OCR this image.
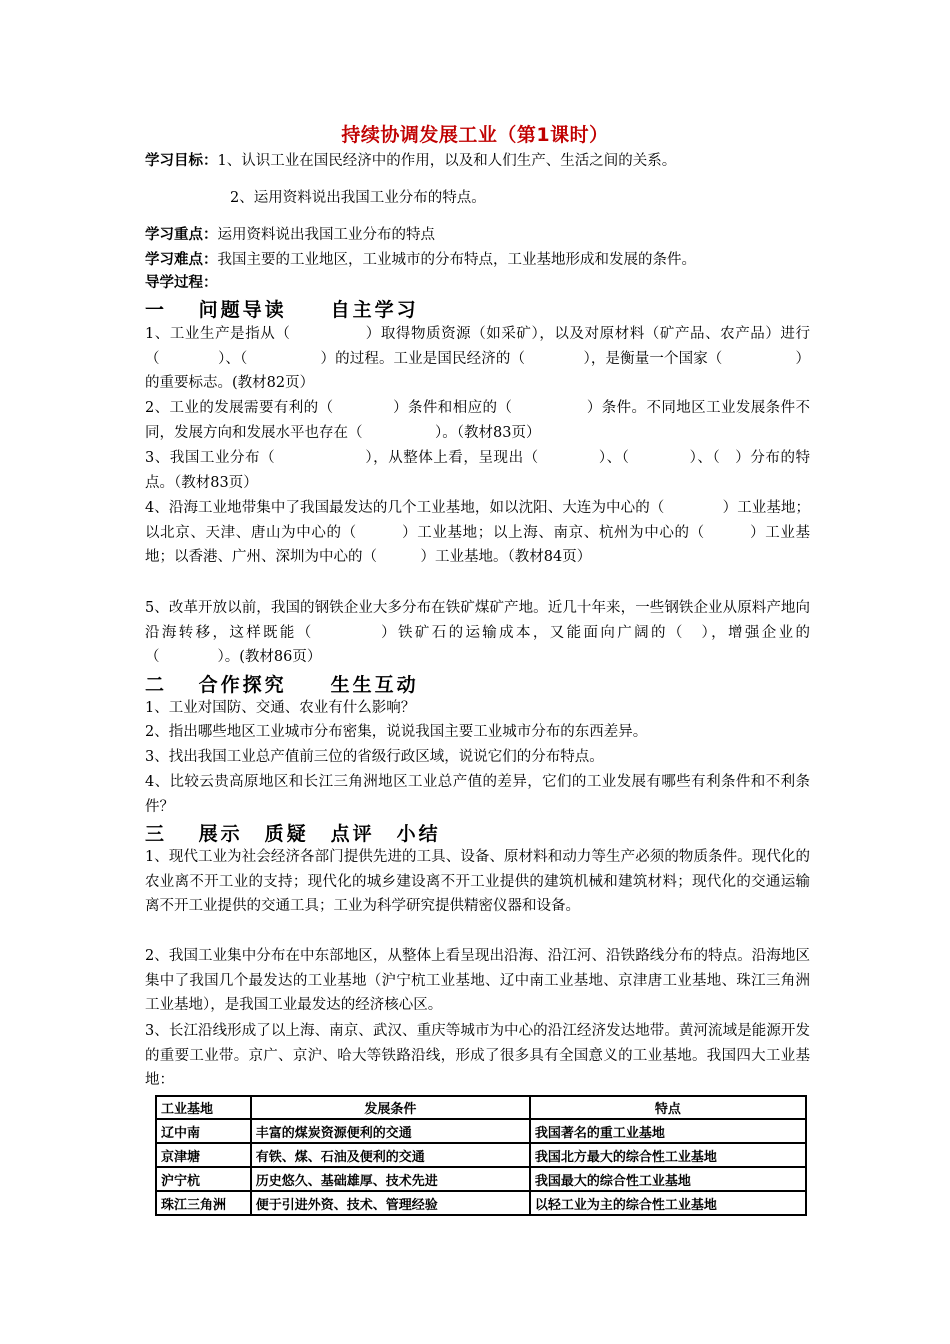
持续协调发展工业（第1课时）
学习目标：1、认识工业在国民经济中的作用，以及和人们生产、生活之间的关系。
2、运用资料说出我国工业分布的特点。
学习重点：运用资料说出我国工业分布的特点
学习难点：我国主要的工业地区，工业城市的分布特点，工业基地形成和发展的条件。
导学过程：
一　 问题导读　　自主学习
1、工业生产是指从（　　　　　）取得物质资源（如采矿），以及对原材料（矿产品、农产品）进行（　　　　）、（　　　　　）的过程。工业是国民经济的（　　　　），是衡量一个国家（　　　　　）的重要标志。(教材82页）
2、工业的发展需要有利的（　　　　）条件和相应的（　　　　　）条件。不同地区工业发展条件不同，发展方向和发展水平也存在（　　　　　）。（教材83页）
3、我国工业分布（　　　　　　），从整体上看，呈现出（　　　　）、（　　　　）、（　）分布的特点。（教材83页）
4、沿海工业地带集中了我国最发达的几个工业基地，如以沈阳、大连为中心的（　　　　）工业基地；以北京、天津、唐山为中心的（　　　）工业基地；以上海、南京、杭州为中心的（　　　）工业基地；以香港、广州、深圳为中心的（　　　）工业基地。（教材84页）
5、改革开放以前，我国的钢铁企业大多分布在铁矿煤矿产地。近几十年来，一些钢铁企业从原料产地向沿海转移，这样既能（　　　　）铁矿石的运输成本，又能面向广阔的（　），增强企业的（　　　　）。(教材86页）
二　 合作探究　　生生互动
1、工业对国防、交通、农业有什么影响？
2、指出哪些地区工业城市分布密集，说说我国主要工业城市分布的东西差异。
3、找出我国工业总产值前三位的省级行政区域，说说它们的分布特点。
4、比较云贵高原地区和长江三角洲地区工业总产值的差异，它们的工业发展有哪些有利条件和不利条件？
三　 展示　质疑　点评　小结
1、现代工业为社会经济各部门提供先进的工具、设备、原材料和动力等生产必须的物质条件。现代化的农业离不开工业的支持；现代化的城乡建设离不开工业提供的建筑机械和建筑材料；现代化的交通运输离不开工业提供的交通工具；工业为科学研究提供精密仪器和设备。
2、我国工业集中分布在中东部地区，从整体上看呈现出沿海、沿江河、沿铁路线分布的特点。沿海地区集中了我国几个最发达的工业基地（沪宁杭工业基地、辽中南工业基地、京津唐工业基地、珠江三角洲工业基地），是我国工业最发达的经济核心区。
3、长江沿线形成了以上海、南京、武汉、重庆等城市为中心的沿江经济发达地带。黄河流域是能源开发的重要工业带。京广、京沪、哈大等铁路沿线，形成了很多具有全国意义的工业基地。我国四大工业基地：
工业基地	发展条件	特点
辽中南	丰富的煤炭资源便利的交通	我国著名的重工业基地
京津塘	有铁、煤、石油及便利的交通	我国北方最大的综合性工业基地
沪宁杭	历史悠久、基础雄厚、技术先进	我国最大的综合性工业基地
珠江三角洲	便于引进外资、技术、管理经验	以轻工业为主的综合性工业基地
